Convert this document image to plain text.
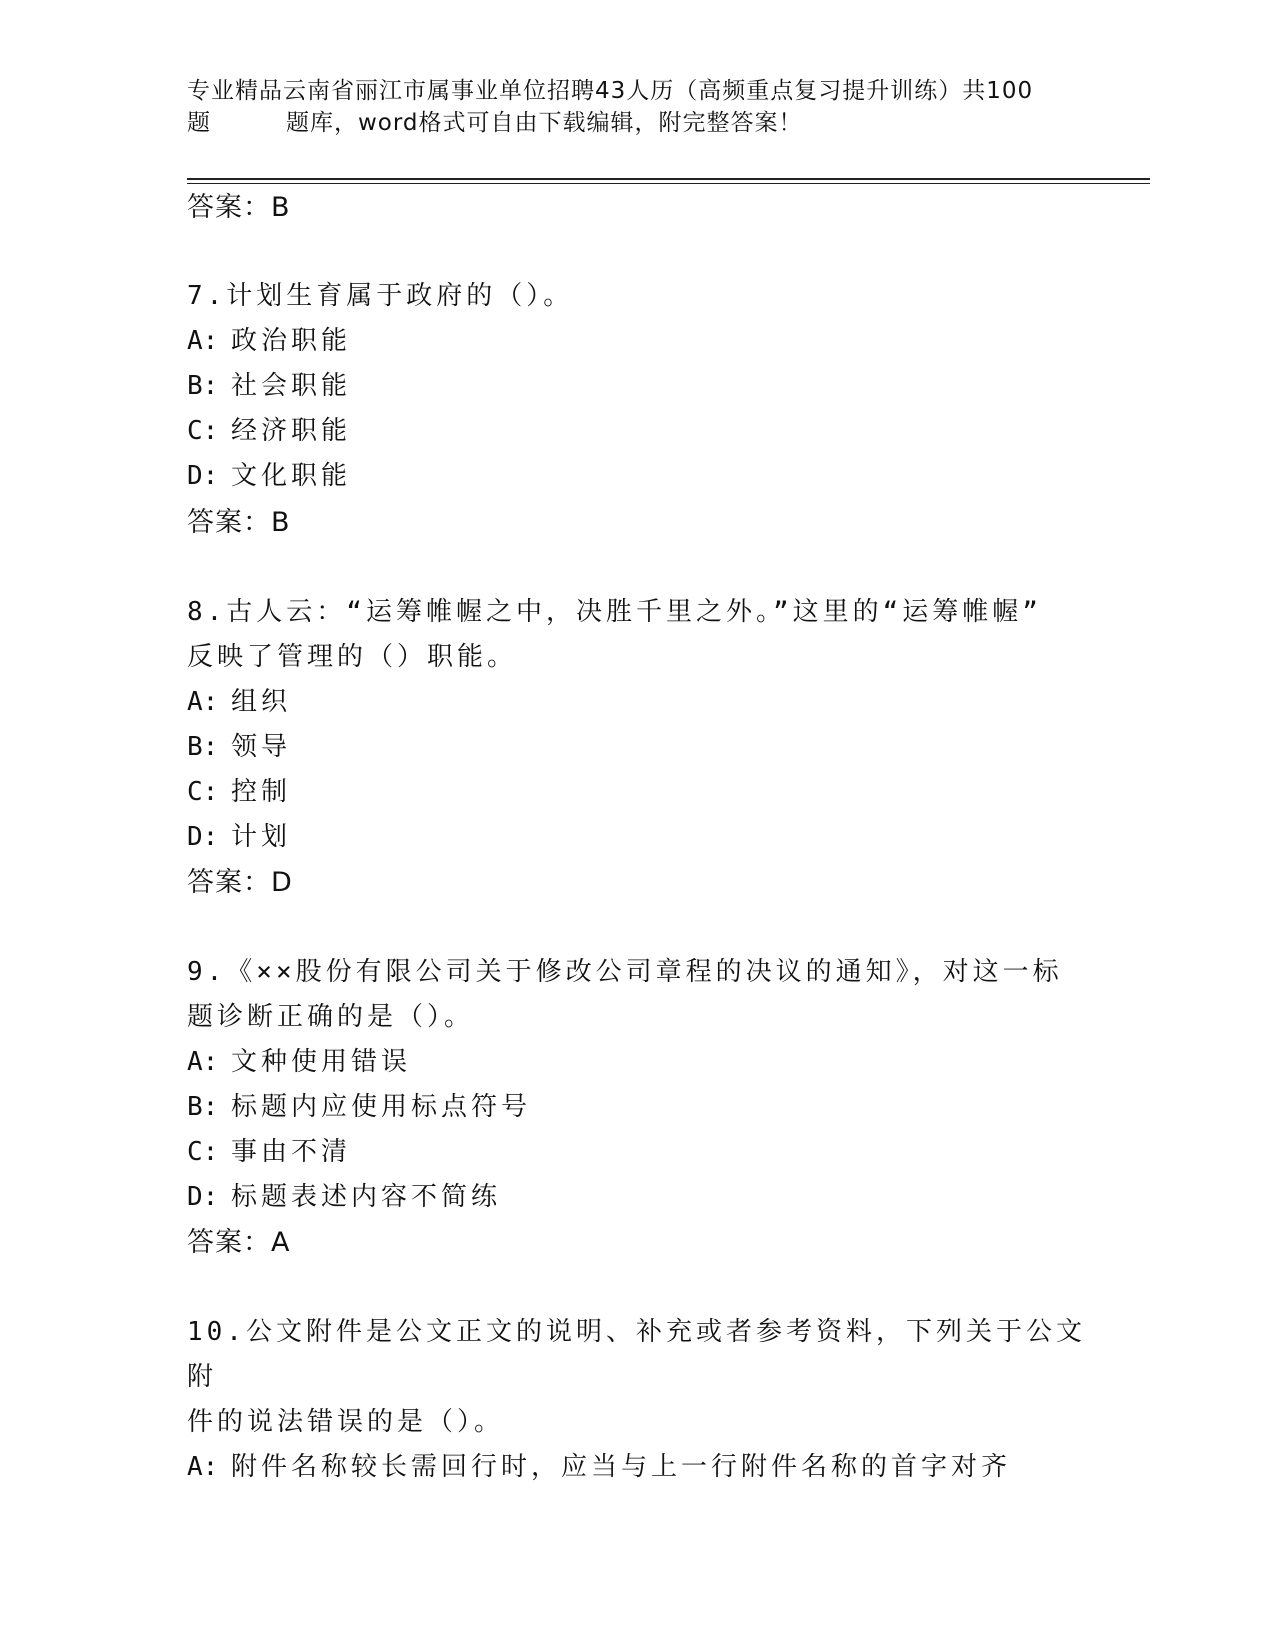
专业精品云南省丽江市属事业单位招聘43人历（高频重点复习提升训练）共100
题	题库，word格式可自由下载编辑，附完整答案！
答案：B
7.计划生育属于政府的（）。
A: 政治职能
B: 社会职能
C: 经济职能
D: 文化职能
答案：B
8.古人云：“运筹帷幄之中，决胜千里之外。”这里的“运筹帷幄”
反映了管理的（）职能。
A: 组织
B: 领导
C: 控制
D: 计划
答案：D
9.《××股份有限公司关于修改公司章程的决议的通知》，对这一标
题诊断正确的是（）。
A: 文种使用错误
B: 标题内应使用标点符号
C: 事由不清
D: 标题表述内容不简练
答案：A
10.公文附件是公文正文的说明、补充或者参考资料，下列关于公文附
件的说法错误的是（）。
A: 附件名称较长需回行时，应当与上一行附件名称的首字对齐
